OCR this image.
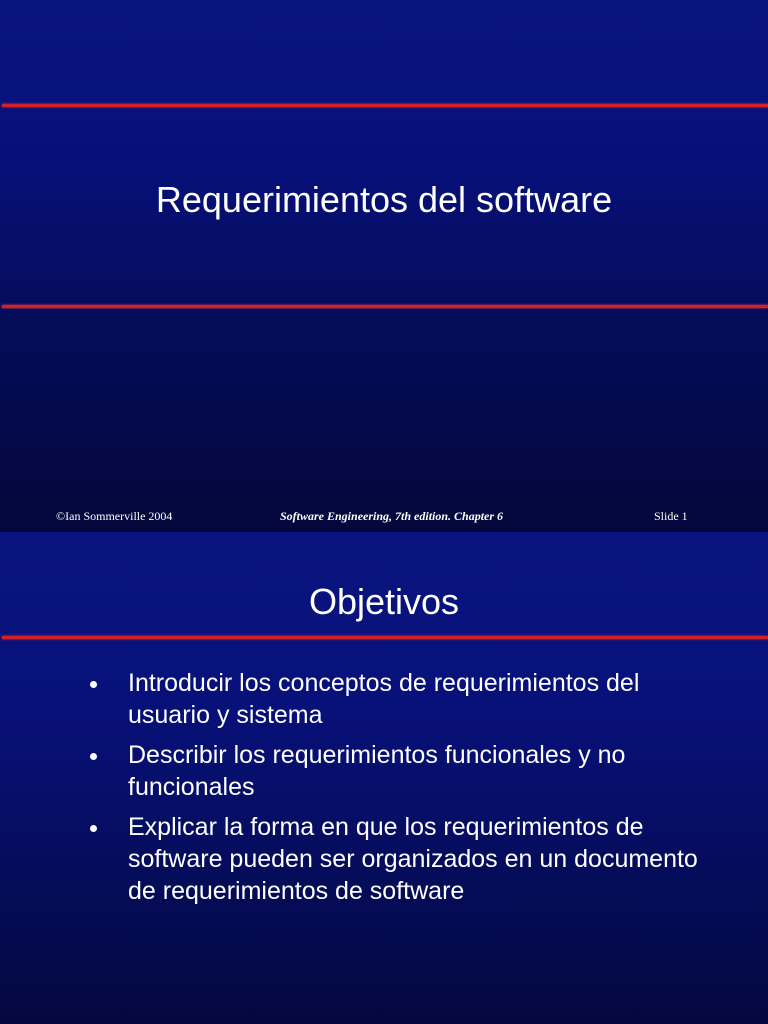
Requerimientos del software
©Ian Sommerville 2004	Software Engineering, 7th edition. Chapter 6	Slide 1
Objetivos
Introducir los conceptos de requerimientos del usuario y sistema
Describir los requerimientos funcionales y no funcionales
Explicar la forma en que los requerimientos de software pueden ser organizados en un documento de requerimientos de software
